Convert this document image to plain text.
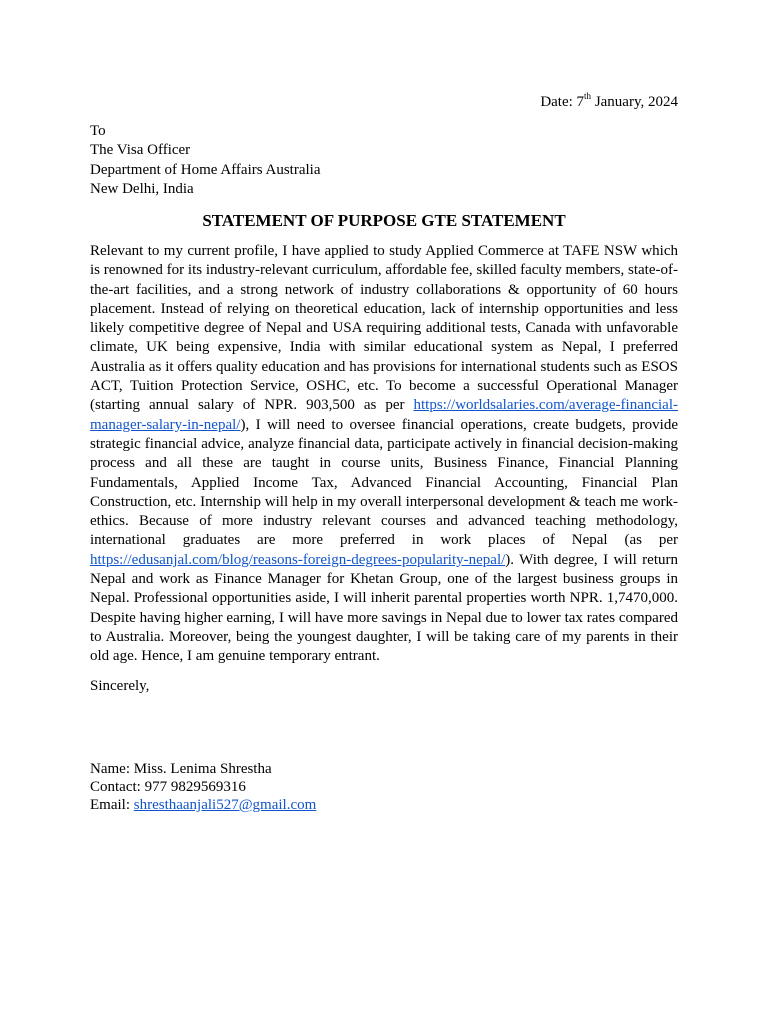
Date: 7th January, 2024
To
The Visa Officer
Department of Home Affairs Australia
New Delhi, India
STATEMENT OF PURPOSE GTE STATEMENT
Relevant to my current profile, I have applied to study Applied Commerce at TAFE NSW which is renowned for its industry-relevant curriculum, affordable fee, skilled faculty members, state-of-the-art facilities, and a strong network of industry collaborations & opportunity of 60 hours placement. Instead of relying on theoretical education, lack of internship opportunities and less likely competitive degree of Nepal and USA requiring additional tests, Canada with unfavorable climate, UK being expensive, India with similar educational system as Nepal, I preferred Australia as it offers quality education and has provisions for international students such as ESOS ACT, Tuition Protection Service, OSHC, etc. To become a successful Operational Manager (starting annual salary of NPR. 903,500 as per https://worldsalaries.com/average-financial-manager-salary-in-nepal/), I will need to oversee financial operations, create budgets, provide strategic financial advice, analyze financial data, participate actively in financial decision-making process and all these are taught in course units, Business Finance, Financial Planning Fundamentals, Applied Income Tax, Advanced Financial Accounting, Financial Plan Construction, etc. Internship will help in my overall interpersonal development & teach me work-ethics. Because of more industry relevant courses and advanced teaching methodology, international graduates are more preferred in work places of Nepal (as per https://edusanjal.com/blog/reasons-foreign-degrees-popularity-nepal/). With degree, I will return Nepal and work as Finance Manager for Khetan Group, one of the largest business groups in Nepal. Professional opportunities aside, I will inherit parental properties worth NPR. 1,7470,000. Despite having higher earning, I will have more savings in Nepal due to lower tax rates compared to Australia. Moreover, being the youngest daughter, I will be taking care of my parents in their old age. Hence, I am genuine temporary entrant.
Sincerely,
Name: Miss. Lenima Shrestha
Contact: 977 9829569316
Email: shresthaanjali527@gmail.com
